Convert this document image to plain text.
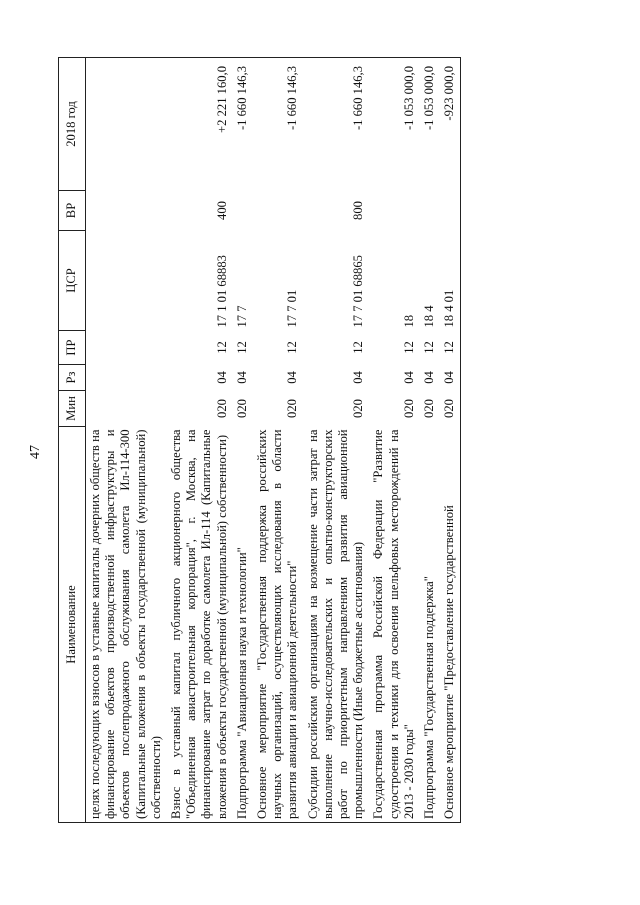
47
Наименование	Мин	Рз	ПР	ЦСР	ВР	2018 год
целях последующих взносов в уставные капиталы дочерних обществ на финансирование объектов производственной инфраструктуры и объектов послепродажного обслуживания самолета Ил-114-300 (Капитальные вложения в объекты государственной (муниципальной) собственности)						
Взнос в уставный капитал публичного акционерного общества "Объединенная авиастроительная корпорация", г. Москва, на финансирование затрат по доработке самолета Ил-114 (Капитальные вложения в объекты государственной (муниципальной) собственности)	020	04	12	17 1 01 68883	400	+2 221 160,0
Подпрограмма "Авиационная наука и технологии"	020	04	12	17 7		-1 660 146,3
Основное мероприятие "Государственная поддержка российских научных организаций, осуществляющих исследования в области развития авиации и авиационной деятельности"	020	04	12	17 7 01		-1 660 146,3
Субсидии российским организациям на возмещение части затрат на выполнение научно-исследовательских и опытно-конструкторских работ по приоритетным направлениям развития авиационной промышленности (Иные бюджетные ассигнования)	020	04	12	17 7 01 68865	800	-1 660 146,3
Государственная программа Российской Федерации "Развитие судостроения и техники для освоения шельфовых месторождений на 2013 - 2030 годы"	020	04	12	18		-1 053 000,0
Подпрограмма "Государственная поддержка"	020	04	12	18 4		-1 053 000,0
Основное мероприятие "Предоставление государственной	020	04	12	18 4 01		-923 000,0
